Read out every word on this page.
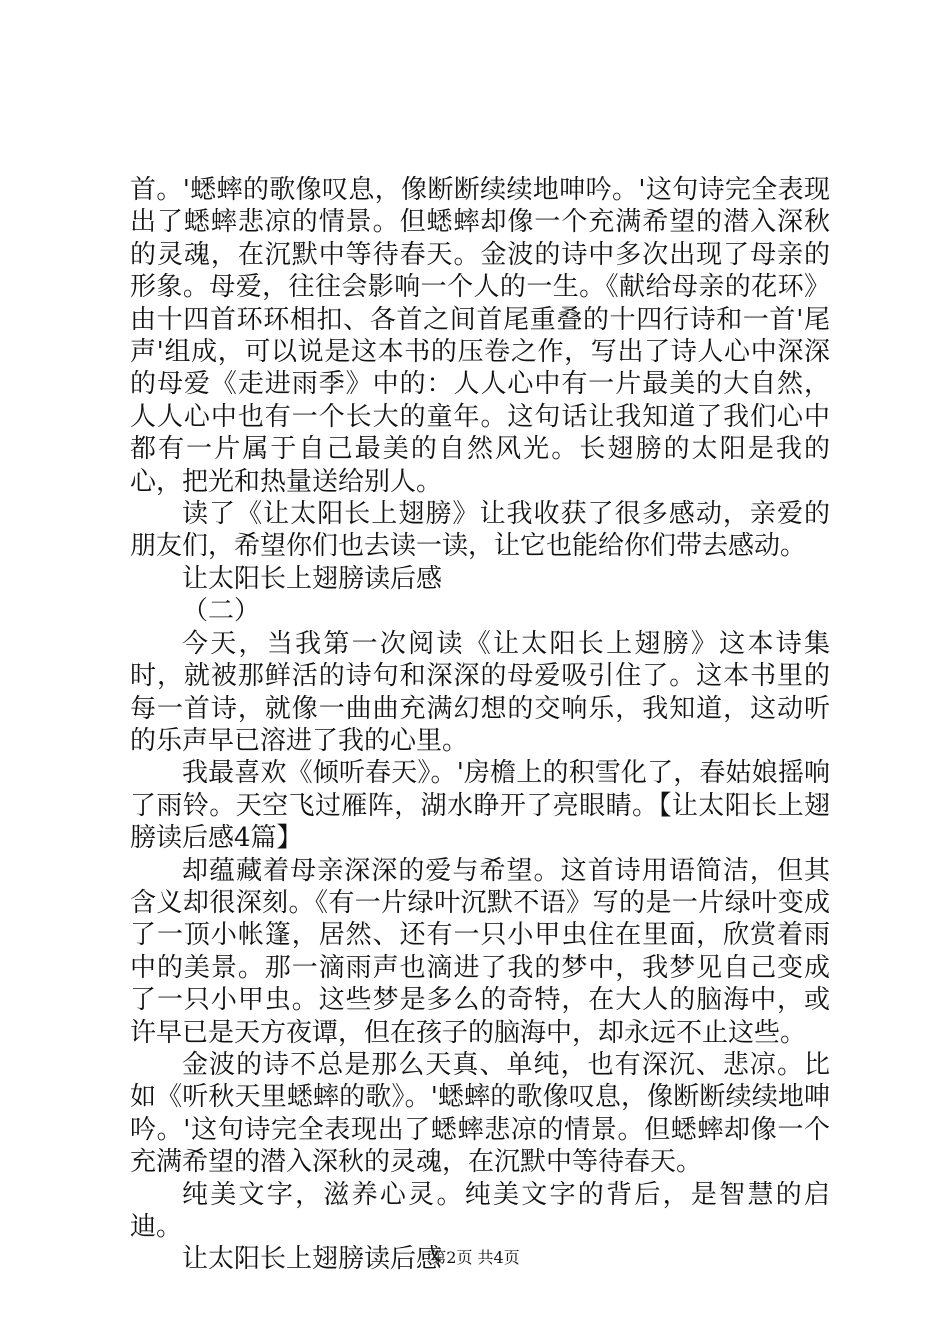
首。'蟋蟀的歌像叹息，像断断续续地呻吟。'这句诗完全表现出了蟋蟀悲凉的情景。但蟋蟀却像一个充满希望的潜入深秋的灵魂，在沉默中等待春天。金波的诗中多次出现了母亲的形象。母爱，往往会影响一个人的一生。《献给母亲的花环》由十四首环环相扣、各首之间首尾重叠的十四行诗和一首'尾声'组成，可以说是这本书的压卷之作，写出了诗人心中深深的母爱《走进雨季》中的：人人心中有一片最美的大自然，人人心中也有一个长大的童年。这句话让我知道了我们心中都有一片属于自己最美的自然风光。长翅膀的太阳是我的心，把光和热量送给别人。

读了《让太阳长上翅膀》让我收获了很多感动，亲爱的朋友们，希望你们也去读一读，让它也能给你们带去感动。

让太阳长上翅膀读后感

（二）

今天，当我第一次阅读《让太阳长上翅膀》这本诗集时，就被那鲜活的诗句和深深的母爱吸引住了。这本书里的每一首诗，就像一曲曲充满幻想的交响乐，我知道，这动听的乐声早已溶进了我的心里。

我最喜欢《倾听春天》。'房檐上的积雪化了，春姑娘摇响了雨铃。天空飞过雁阵，湖水睁开了亮眼睛。【让太阳长上翅膀读后感4篇】

却蕴藏着母亲深深的爱与希望。这首诗用语简洁，但其含义却很深刻。《有一片绿叶沉默不语》写的是一片绿叶变成了一顶小帐篷，居然、还有一只小甲虫住在里面，欣赏着雨中的美景。那一滴雨声也滴进了我的梦中，我梦见自己变成了一只小甲虫。这些梦是多么的奇特，在大人的脑海中，或许早已是天方夜谭，但在孩子的脑海中，却永远不止这些。

金波的诗不总是那么天真、单纯，也有深沉、悲凉。比如《听秋天里蟋蟀的歌》。'蟋蟀的歌像叹息，像断断续续地呻吟。'这句诗完全表现出了蟋蟀悲凉的情景。但蟋蟀却像一个充满希望的潜入深秋的灵魂，在沉默中等待春天。

纯美文字，滋养心灵。纯美文字的背后，是智慧的启迪。

让太阳长上翅膀读后感

第2页 共4页
